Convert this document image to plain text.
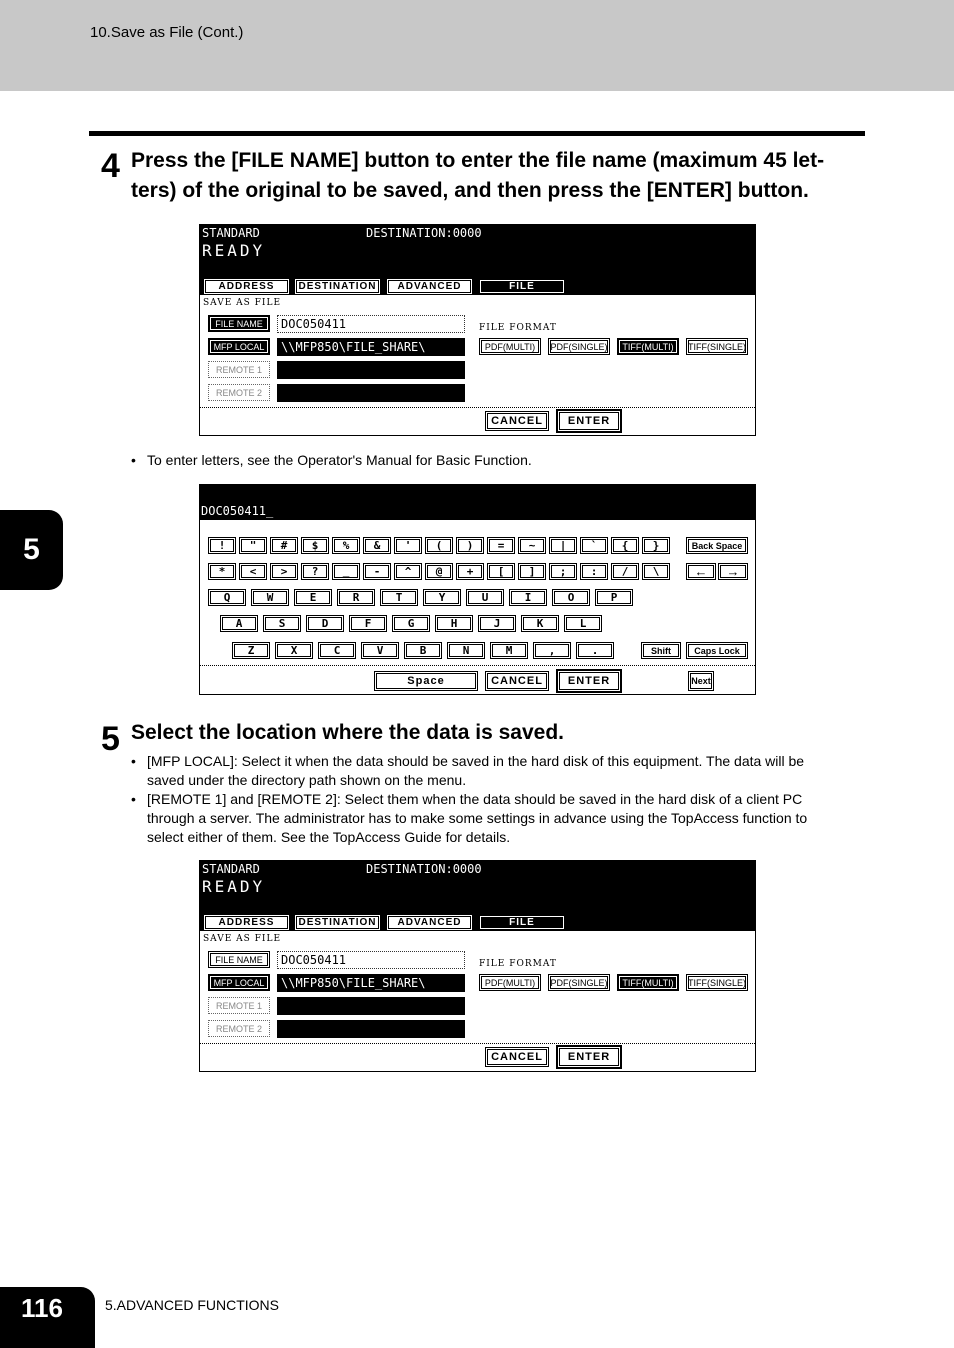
10.Save as File (Cont.)
5
4 Press the [FILE NAME] button to enter the file name (maximum 45 let-
ters) of the original to be saved, and then press the [ENTER] button.
STANDARD	DESTINATION:0000
READY
ADDRESS	DESTINATION	ADVANCED	FILE
SAVE AS FILE
FILE NAME	DOC050411
MFP LOCAL	\\MFP850\FILE_SHARE\
REMOTE 1
REMOTE 2
FILE FORMAT
PDF(MULTI)	PDF(SINGLE)	TIFF(MULTI)	TIFF(SINGLE)
CANCEL	ENTER
• To enter letters, see the Operator's Manual for Basic Function.
DOC050411_
!	"	#	$	%	&	'	(	)	=	~	|	`	{	}
*	<	>	?	_	-	^	@	+	[	]	;	:	/	\
Q	W	E	R	T	Y	U	I	O	P
A	S	D	F	G	H	J	K	L
Z	X	C	V	B	N	M	,	.
Back Space
←	→
Shift	Caps Lock
Space	CANCEL	ENTER	Next
5 Select the location where the data is saved.
• [MFP LOCAL]: Select it when the data should be saved in the hard disk of this equipment. The data will be
saved under the directory path shown on the menu.
• [REMOTE 1] and [REMOTE 2]: Select them when the data should be saved in the hard disk of a client PC
through a server. The administrator has to make some settings in advance using the TopAccess function to
select either of them. See the TopAccess Guide for details.
STANDARD	DESTINATION:0000
READY
ADDRESS	DESTINATION	ADVANCED	FILE
SAVE AS FILE
FILE NAME	DOC050411
MFP LOCAL	\\MFP850\FILE_SHARE\
REMOTE 1
REMOTE 2
FILE FORMAT
PDF(MULTI)	PDF(SINGLE)	TIFF(MULTI)	TIFF(SINGLE)
CANCEL	ENTER
116	5.ADVANCED FUNCTIONS
